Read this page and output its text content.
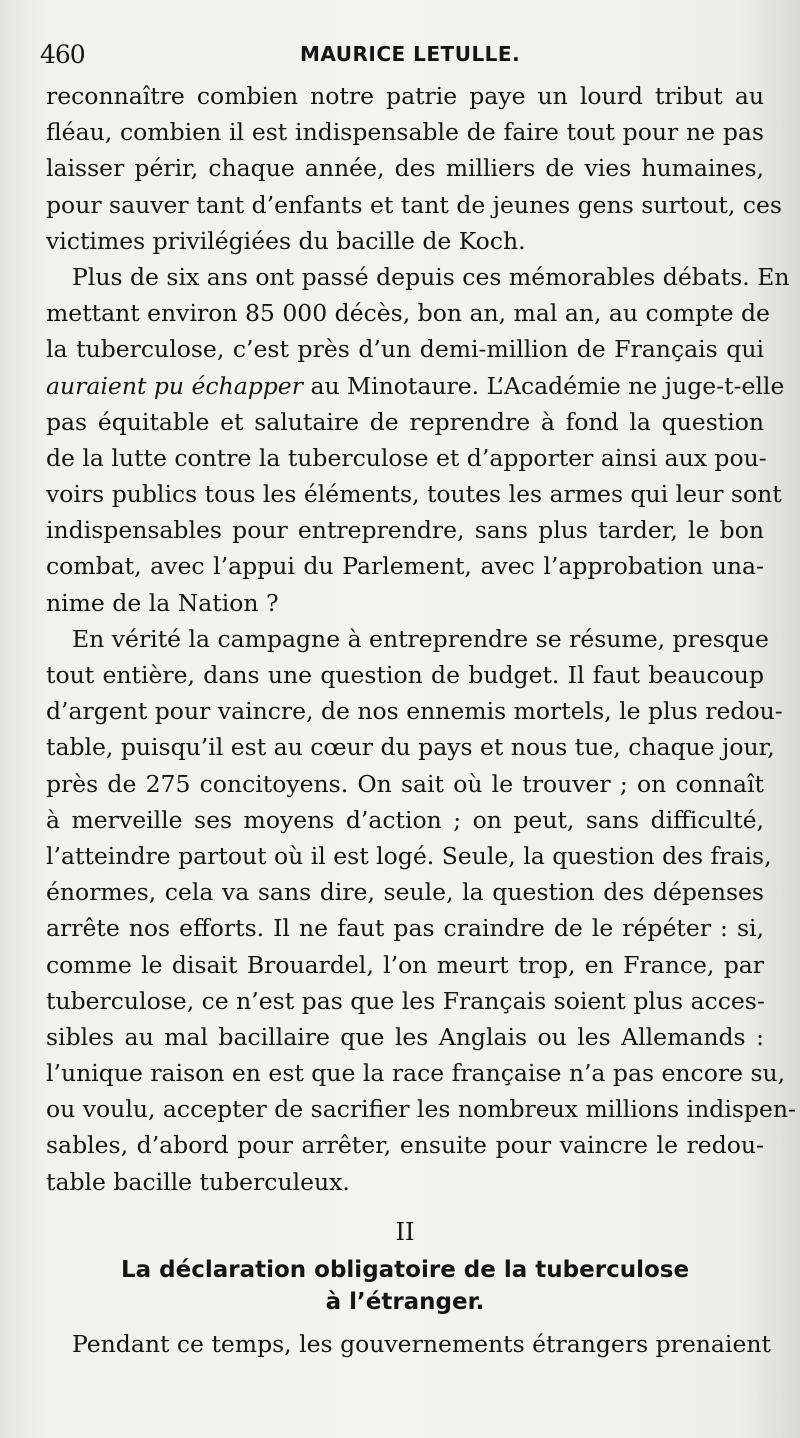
460	MAURICE LETULLE.
reconnaître combien notre patrie paye un lourd tribut au
fléau, combien il est indispensable de faire tout pour ne pas
laisser périr, chaque année, des milliers de vies humaines,
pour sauver tant d’enfants et tant de jeunes gens surtout, ces
victimes privilégiées du bacille de Koch.
Plus de six ans ont passé depuis ces mémorables débats. En
mettant environ 85 000 décès, bon an, mal an, au compte de
la tuberculose, c’est près d’un demi-million de Français qui
auraient pu échapper au Minotaure. L’Académie ne juge-t-elle
pas équitable et salutaire de reprendre à fond la question
de la lutte contre la tuberculose et d’apporter ainsi aux pou-
voirs publics tous les éléments, toutes les armes qui leur sont
indispensables pour entreprendre, sans plus tarder, le bon
combat, avec l’appui du Parlement, avec l’approbation una-
nime de la Nation ?
En vérité la campagne à entreprendre se résume, presque
tout entière, dans une question de budget. Il faut beaucoup
d’argent pour vaincre, de nos ennemis mortels, le plus redou-
table, puisqu’il est au cœur du pays et nous tue, chaque jour,
près de 275 concitoyens. On sait où le trouver ; on connaît
à merveille ses moyens d’action ; on peut, sans difficulté,
l’atteindre partout où il est logé. Seule, la question des frais,
énormes, cela va sans dire, seule, la question des dépenses
arrête nos efforts. Il ne faut pas craindre de le répéter : si,
comme le disait Brouardel, l’on meurt trop, en France, par
tuberculose, ce n’est pas que les Français soient plus acces-
sibles au mal bacillaire que les Anglais ou les Allemands :
l’unique raison en est que la race française n’a pas encore su,
ou voulu, accepter de sacrifier les nombreux millions indispen-
sables, d’abord pour arrêter, ensuite pour vaincre le redou-
table bacille tuberculeux.
II
La déclaration obligatoire de la tuberculose
à l’étranger.
Pendant ce temps, les gouvernements étrangers prenaient
